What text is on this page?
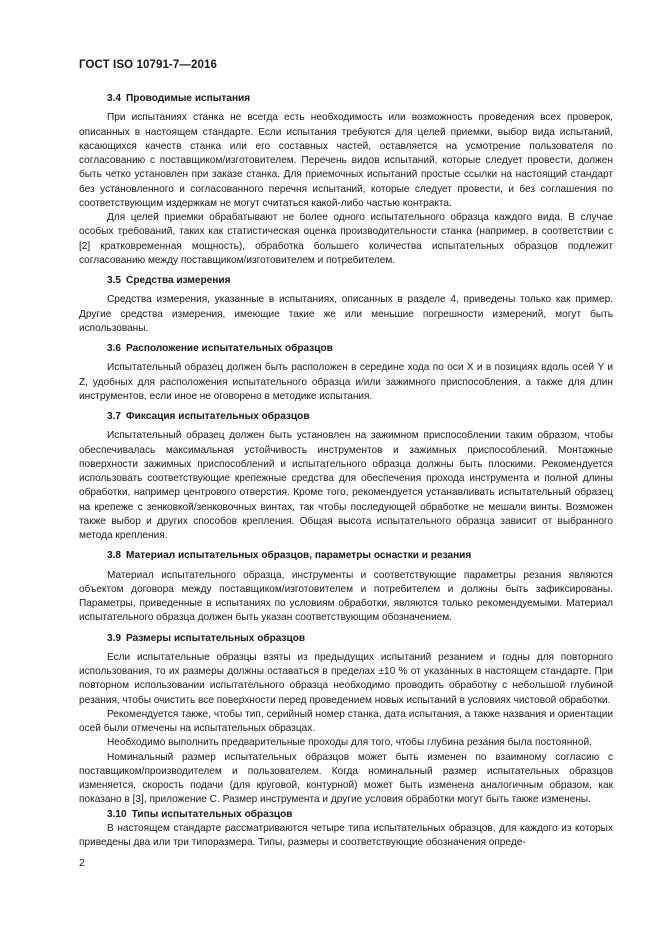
ГОСТ ISO 10791-7—2016

3.4 Проводимые испытания

При испытаниях станка не всегда есть необходимость или возможность проведения всех проверок, описанных в настоящем стандарте. Если испытания требуются для целей приемки, выбор вида испытаний, касающихся качеств станка или его составных частей, оставляется на усмотрение пользователя по согласованию с поставщиком/изготовителем. Перечень видов испытаний, которые следует провести, должен быть четко установлен при заказе станка. Для приемочных испытаний простые ссылки на настоящий стандарт без установленного и согласованного перечня испытаний, которые следует провести, и без соглашения по соответствующим издержкам не могут считаться какой-либо частью контракта.

Для целей приемки обрабатывают не более одного испытательного образца каждого вида. В случае особых требований, таких как статистическая оценка производительности станка (например, в соответствии с [2] кратковременная мощность), обработка большего количества испытательных образцов подлежит согласованию между поставщиком/изготовителем и потребителем.

3.5 Средства измерения

Средства измерения, указанные в испытаниях, описанных в разделе 4, приведены только как пример. Другие средства измерения, имеющие такие же или меньшие погрешности измерений, могут быть использованы.

3.6 Расположение испытательных образцов

Испытательный образец должен быть расположен в середине хода по оси X и в позициях вдоль осей Y и Z, удобных для расположения испытательного образца и/или зажимного приспособления, а также для длин инструментов, если иное не оговорено в методике испытания.

3.7 Фиксация испытательных образцов

Испытательный образец должен быть установлен на зажимном приспособлении таким образом, чтобы обеспечивалась максимальная устойчивость инструментов и зажимных приспособлений. Монтажные поверхности зажимных приспособлений и испытательного образца должны быть плоскими. Рекомендуется использовать соответствующие крепежные средства для обеспечения прохода инструмента и полной длины обработки, например центрового отверстия. Кроме того, рекомендуется устанавливать испытательный образец на крепеже с зенковкой/зенковочных винтах, так чтобы последующей обработке не мешали винты. Возможен также выбор и других способов крепления. Общая высота испытательного образца зависит от выбранного метода крепления.

3.8 Материал испытательных образцов, параметры оснастки и резания

Материал испытательного образца, инструменты и соответствующие параметры резания являются объектом договора между поставщиком/изготовителем и потребителем и должны быть зафиксированы. Параметры, приведенные в испытаниях по условиям обработки, являются только рекомендуемыми. Материал испытательного образца должен быть указан соответствующим обозначением.

3.9 Размеры испытательных образцов

Если испытательные образцы взяты из предыдущих испытаний резанием и годны для повторного использования, то их размеры должны оставаться в пределах ±10 % от указанных в настоящем стандарте. При повторном использовании испытательного образца необходимо проводить обработку с небольшой глубиной резания, чтобы очистить все поверхности перед проведением новых испытаний в условиях чистовой обработки.

Рекомендуется также, чтобы тип, серийный номер станка, дата испытания, а также названия и ориентации осей были отмечены на испытательных образцах.

Необходимо выполнить предварительные проходы для того, чтобы глубина резания была постоянной.

Номинальный размер испытательных образцов может быть изменен по взаимному согласию с поставщиком/производителем и пользователем. Когда номинальный размер испытательных образцов изменяется, скорость подачи (для круговой, контурной) может быть изменена аналогичным образом, как показано в [3], приложение С. Размер инструмента и другие условия обработки могут быть также изменены.

3.10 Типы испытательных образцов

В настоящем стандарте рассматриваются четыре типа испытательных образцов, для каждого из которых приведены два или три типоразмера. Типы, размеры и соответствующие обозначения опреде-

2
